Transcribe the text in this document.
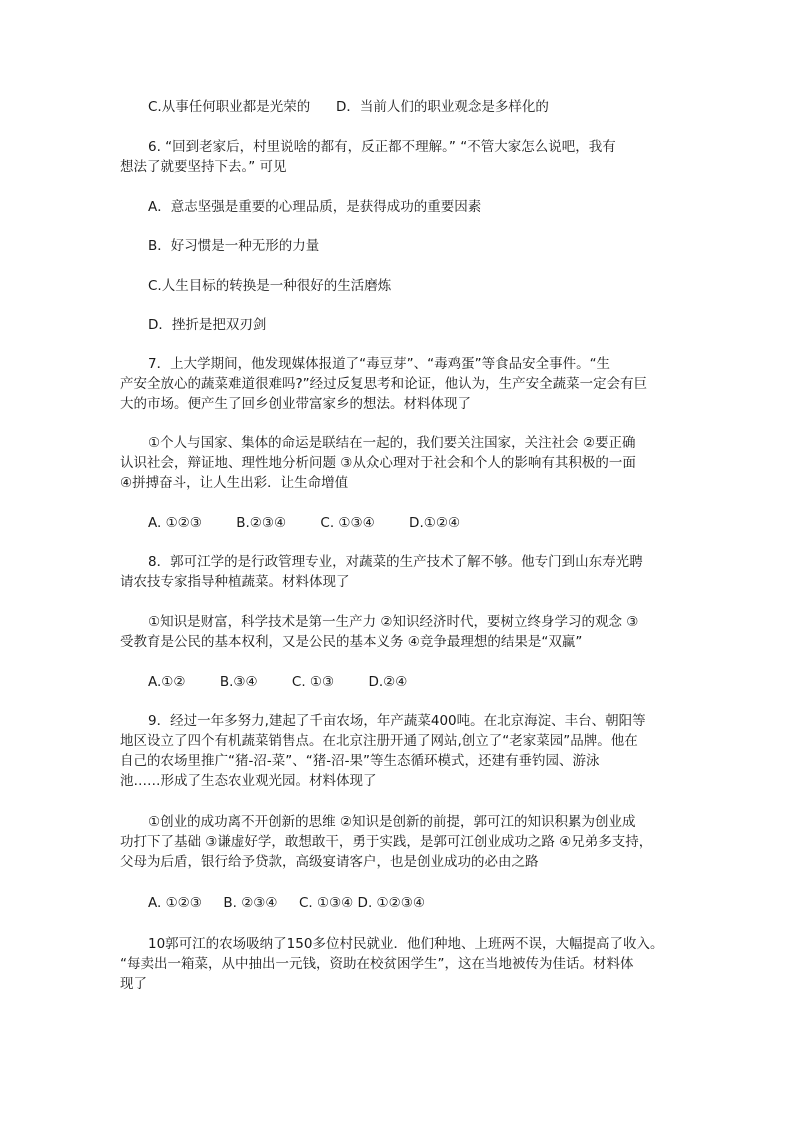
C.从事任何职业都是光荣的      D．当前人们的职业观念是多样化的
6. “回到老家后，村里说啥的都有，反正都不理解。” “不管大家怎么说吧，我有
想法了就要坚持下去。” 可见
A．意志坚强是重要的心理品质，是获得成功的重要因素
B．好习惯是一种无形的力量
C.人生目标的转换是一种很好的生活磨炼
D．挫折是把双刃剑
7．上大学期间，他发现媒体报道了“毒豆芽”、“毒鸡蛋”等食品安全事件。“生
产安全放心的蔬菜难道很难吗?”经过反复思考和论证，他认为，生产安全蔬菜一定会有巨
大的市场。便产生了回乡创业带富家乡的想法。材料体现了
①个人与国家、集体的命运是联结在一起的，我们要关注国家，关注社会 ②要正确
认识社会，辩证地、理性地分析问题 ③从众心理对于社会和个人的影响有其积极的一面
④拼搏奋斗，让人生出彩．让生命增值
A. ①②③        B.②③④        C. ①③④        D.①②④
8．郭可江学的是行政管理专业，对蔬菜的生产技术了解不够。他专门到山东寿光聘
请农技专家指导种植蔬菜。材料体现了
①知识是财富，科学技术是第一生产力 ②知识经济时代，要树立终身学习的观念 ③
受教育是公民的基本权利，又是公民的基本义务 ④竞争最理想的结果是“双赢”
A.①②        B.③④        C. ①③        D.②④
9．经过一年多努力,建起了千亩农场，年产蔬菜400吨。在北京海淀、丰台、朝阳等
地区设立了四个有机蔬菜销售点。在北京注册开通了网站,创立了“老家菜园”品牌。他在
自己的农场里推广“猪-沼-菜”、“猪-沼-果”等生态循环模式，还建有垂钓园、游泳
池……形成了生态农业观光园。材料体现了
①创业的成功离不开创新的思维 ②知识是创新的前提，郭可江的知识积累为创业成
功打下了基础 ③谦虚好学，敢想敢干，勇于实践，是郭可江创业成功之路 ④兄弟多支持，
父母为后盾，银行给予贷款，高级宴请客户，也是创业成功的必由之路
A. ①②③     B. ②③④     C. ①③④ D. ①②③④
10郭可江的农场吸纳了150多位村民就业．他们种地、上班两不误，大幅提高了收入。
“每卖出一箱菜，从中抽出一元钱，资助在校贫困学生”，这在当地被传为佳话。材料体
现了
